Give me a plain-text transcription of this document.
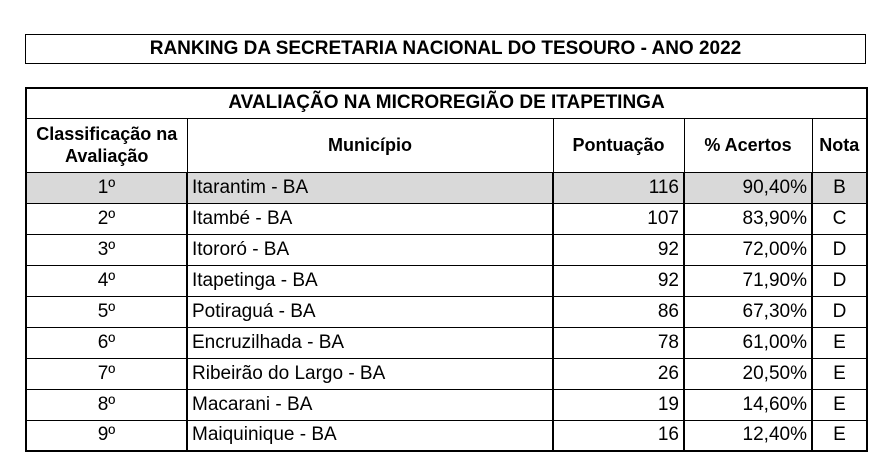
RANKING DA SECRETARIA NACIONAL DO TESOURO - ANO 2022
AVALIAÇÃO NA MICROREGIÃO DE ITAPETINGA				
Classificação na Avaliação	Município	Pontuação	% Acertos	Nota
1º	Itarantim - BA	116	90,40%	B
2º	Itambé - BA	107	83,90%	C
3º	Itororó - BA	92	72,00%	D
4º	Itapetinga - BA	92	71,90%	D
5º	Potiraguá - BA	86	67,30%	D
6º	Encruzilhada - BA	78	61,00%	E
7º	Ribeirão do Largo - BA	26	20,50%	E
8º	Macarani - BA	19	14,60%	E
9º	Maiquinique - BA	16	12,40%	E
